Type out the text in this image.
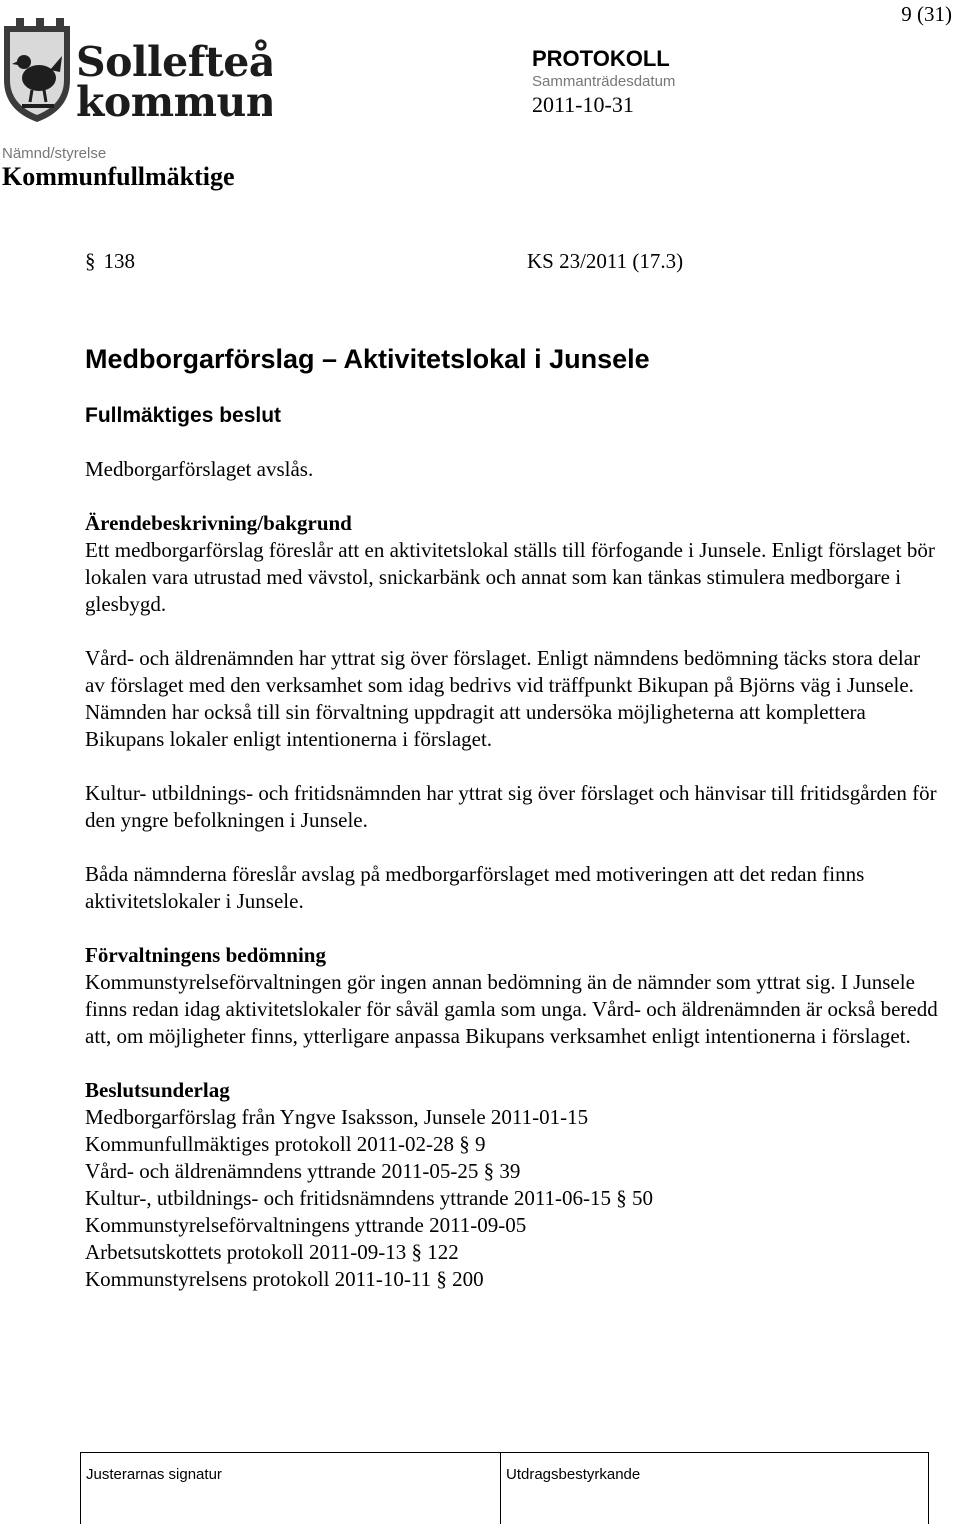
9 (31)
Sollefteå
kommun
PROTOKOLL
Sammanträdesdatum
2011-10-31
Nämnd/styrelse
Kommunfullmäktige
§ 138	KS 23/2011 (17.3)
Medborgarförslag – Aktivitetslokal i Junsele
Fullmäktiges beslut

Medborgarförslaget avslås.

Ärendebeskrivning/bakgrund

Ett medborgarförslag föreslår att en aktivitetslokal ställs till förfogande i Junsele. Enligt förslaget bör lokalen vara utrustad med vävstol, snickarbänk och annat som kan tänkas stimulera medborgare i glesbygd.

Vård- och äldrenämnden har yttrat sig över förslaget. Enligt nämndens bedömning täcks stora delar av förslaget med den verksamhet som idag bedrivs vid träffpunkt Bikupan på Björns väg i Junsele. Nämnden har också till sin förvaltning uppdragit att undersöka möjligheterna att komplettera Bikupans lokaler enligt intentionerna i förslaget.

Kultur- utbildnings- och fritidsnämnden har yttrat sig över förslaget och hänvisar till fritidsgården för den yngre befolkningen i Junsele.

Båda nämnderna föreslår avslag på medborgarförslaget med motiveringen att det redan finns aktivitetslokaler i Junsele.

Förvaltningens bedömning

Kommunstyrelseförvaltningen gör ingen annan bedömning än de nämnder som yttrat sig. I Junsele finns redan idag aktivitetslokaler för såväl gamla som unga. Vård- och äldrenämnden är också beredd att, om möjligheter finns, ytterligare anpassa Bikupans verksamhet enligt intentionerna i förslaget.

Beslutsunderlag

Medborgarförslag från Yngve Isaksson, Junsele 2011-01-15
Kommunfullmäktiges protokoll 2011-02-28 § 9
Vård- och äldrenämndens yttrande 2011-05-25 § 39
Kultur-, utbildnings- och fritidsnämndens yttrande 2011-06-15 § 50
Kommunstyrelseförvaltningens yttrande 2011-09-05
Arbetsutskottets protokoll 2011-09-13 § 122
Kommunstyrelsens protokoll 2011-10-11 § 200
Justerarnas signatur	Utdragsbestyrkande
